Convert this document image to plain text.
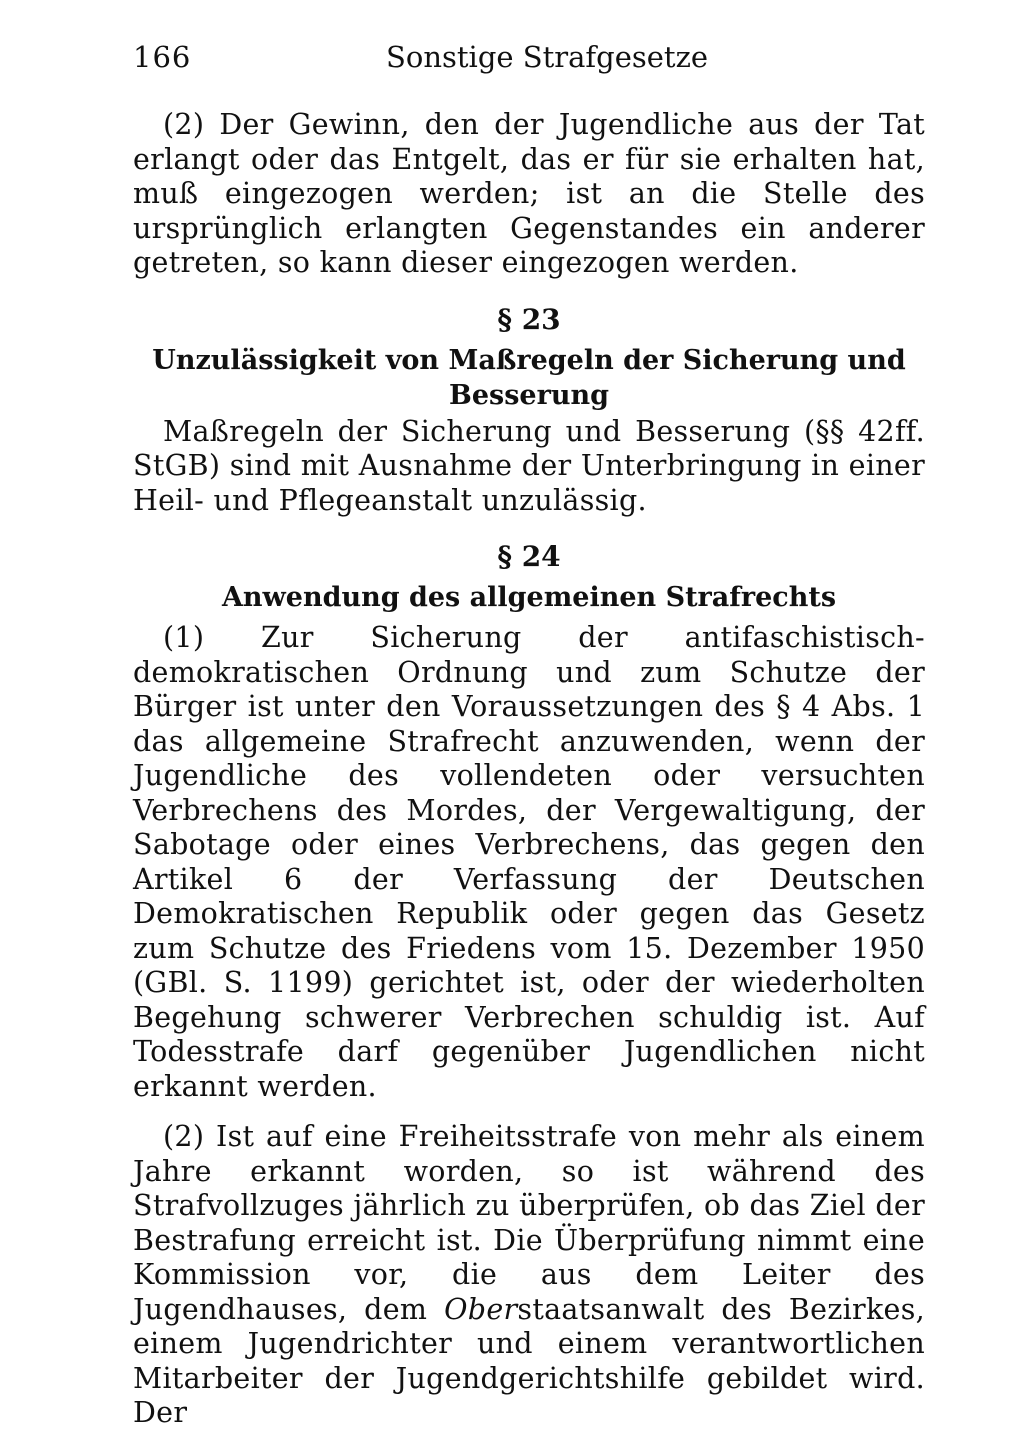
166	Sonstige Strafgesetze

(2) Der Gewinn, den der Jugendliche aus der Tat erlangt oder das Entgelt, das er für sie erhalten hat, muß eingezogen werden; ist an die Stelle des ursprünglich erlangten Gegenstandes ein anderer getreten, so kann dieser eingezogen werden.

§ 23
Unzulässigkeit von Maßregeln der Sicherung und
Besserung

Maßregeln der Sicherung und Besserung (§§ 42ff. StGB) sind mit Ausnahme der Unterbringung in einer Heil- und Pflegeanstalt unzulässig.

§ 24
Anwendung des allgemeinen Strafrechts

(1) Zur Sicherung der antifaschistisch-demokratischen Ordnung und zum Schutze der Bürger ist unter den Voraussetzungen des § 4 Abs. 1 das allgemeine Strafrecht anzuwenden, wenn der Jugendliche des vollendeten oder versuchten Verbrechens des Mordes, der Vergewaltigung, der Sabotage oder eines Verbrechens, das gegen den Artikel 6 der Verfassung der Deutschen Demokratischen Republik oder gegen das Gesetz zum Schutze des Friedens vom 15. Dezember 1950 (GBl. S. 1199) gerichtet ist, oder der wiederholten Begehung schwerer Verbrechen schuldig ist. Auf Todesstrafe darf gegenüber Jugendlichen nicht erkannt werden.

(2) Ist auf eine Freiheitsstrafe von mehr als einem Jahre erkannt worden, so ist während des Strafvollzuges jährlich zu überprüfen, ob das Ziel der Bestrafung erreicht ist. Die Überprüfung nimmt eine Kommission vor, die aus dem Leiter des Jugendhauses, dem Oberstaatsanwalt des Bezirkes, einem Jugendrichter und einem verantwortlichen Mitarbeiter der Jugendgerichtshilfe gebildet wird. Der
